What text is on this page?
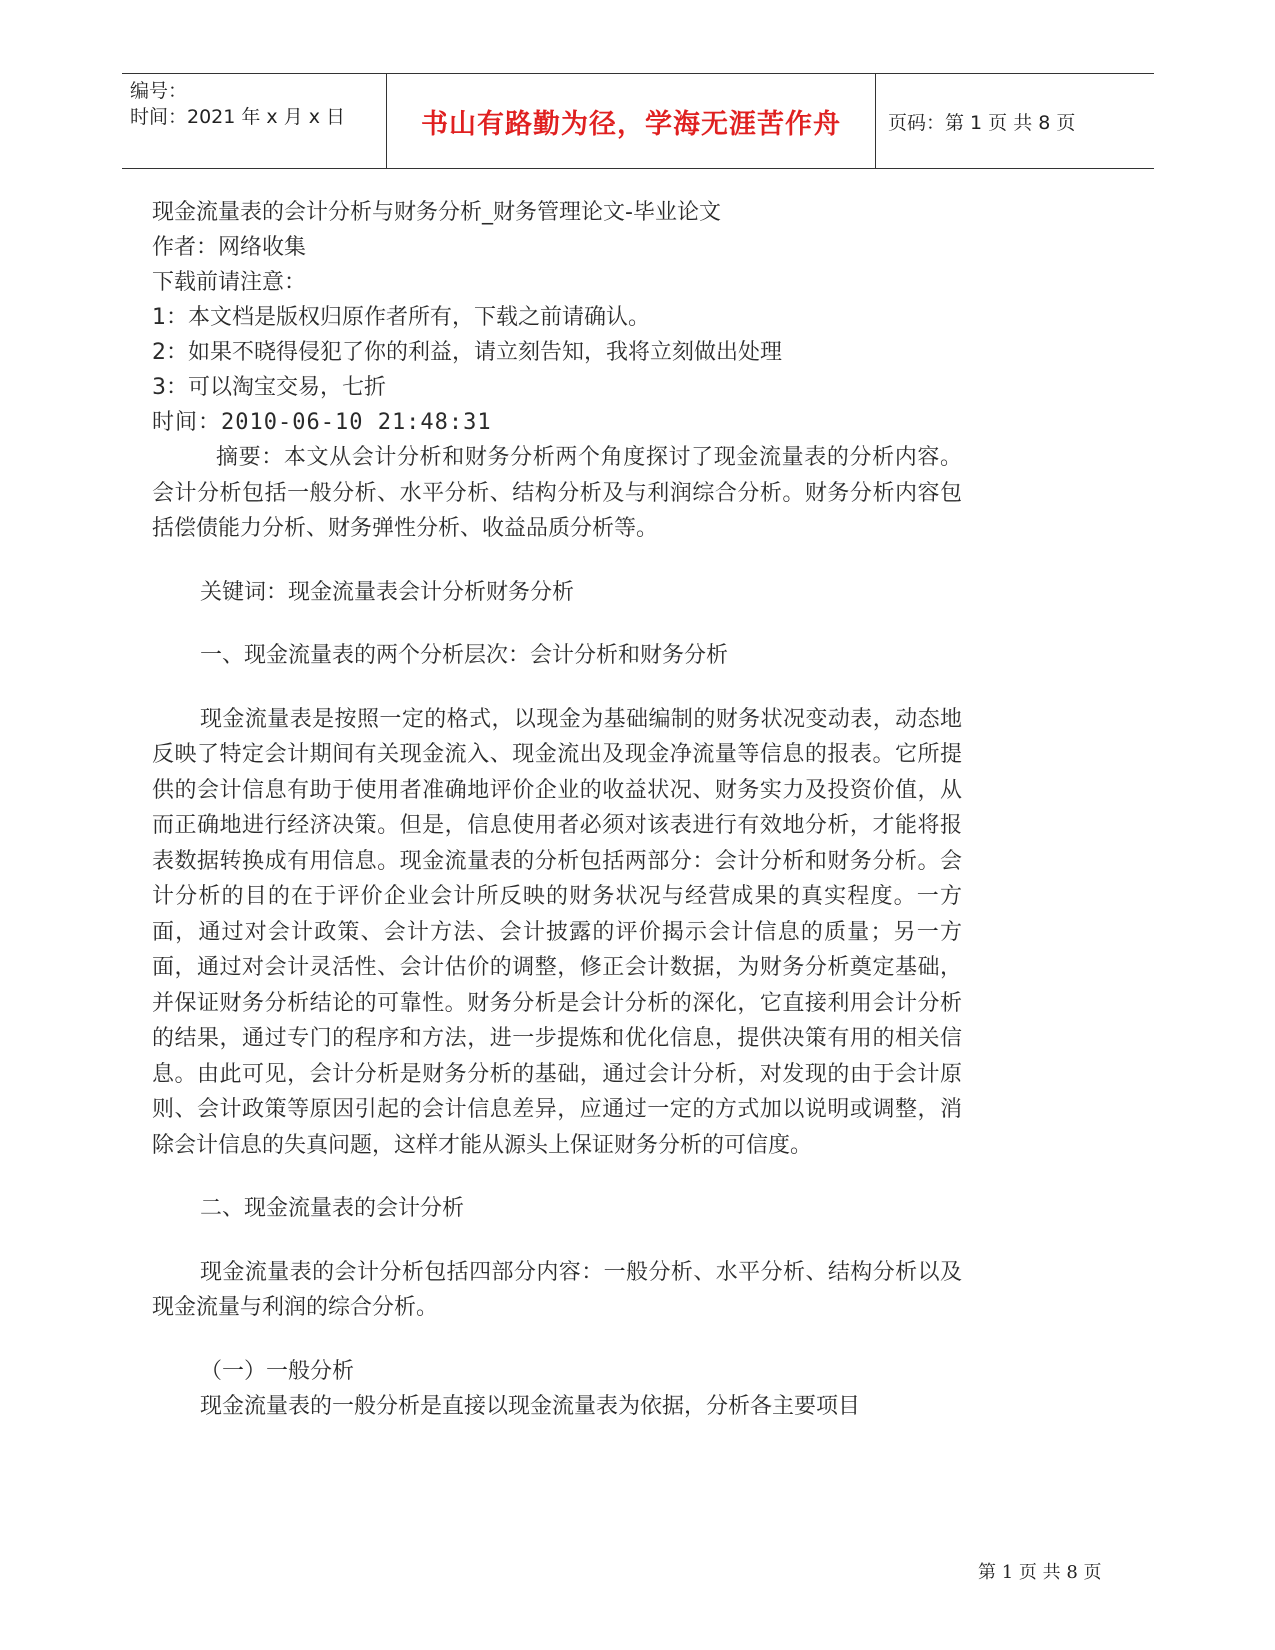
编号：
时间：2021 年 x 月 x 日	书山有路勤为径，学海无涯苦作舟 页码：第 1 页 共 8 页
现金流量表的会计分析与财务分析_财务管理论文-毕业论文
作者：网络收集
下载前请注意：
1：本文档是版权归原作者所有，下载之前请确认。
2：如果不晓得侵犯了你的利益，请立刻告知，我将立刻做出处理
3：可以淘宝交易，七折
时间：2010-06-10 21:48:31
摘要：本文从会计分析和财务分析两个角度探讨了现金流量表的分析内容。会计分析包括一般分析、水平分析、结构分析及与利润综合分析。财务分析内容包括偿债能力分析、财务弹性分析、收益品质分析等。
关键词：现金流量表会计分析财务分析
一、现金流量表的两个分析层次：会计分析和财务分析
现金流量表是按照一定的格式，以现金为基础编制的财务状况变动表，动态地反映了特定会计期间有关现金流入、现金流出及现金净流量等信息的报表。它所提供的会计信息有助于使用者准确地评价企业的收益状况、财务实力及投资价值，从而正确地进行经济决策。但是，信息使用者必须对该表进行有效地分析，才能将报表数据转换成有用信息。现金流量表的分析包括两部分：会计分析和财务分析。会计分析的目的在于评价企业会计所反映的财务状况与经营成果的真实程度。一方面，通过对会计政策、会计方法、会计披露的评价揭示会计信息的质量；另一方面，通过对会计灵活性、会计估价的调整，修正会计数据，为财务分析奠定基础，并保证财务分析结论的可靠性。财务分析是会计分析的深化，它直接利用会计分析的结果，通过专门的程序和方法，进一步提炼和优化信息，提供决策有用的相关信息。由此可见，会计分析是财务分析的基础，通过会计分析，对发现的由于会计原则、会计政策等原因引起的会计信息差异，应通过一定的方式加以说明或调整，消除会计信息的失真问题，这样才能从源头上保证财务分析的可信度。
二、现金流量表的会计分析
现金流量表的会计分析包括四部分内容：一般分析、水平分析、结构分析以及现金流量与利润的综合分析。
（一）一般分析
现金流量表的一般分析是直接以现金流量表为依据，分析各主要项目
第 1 页 共 8 页
